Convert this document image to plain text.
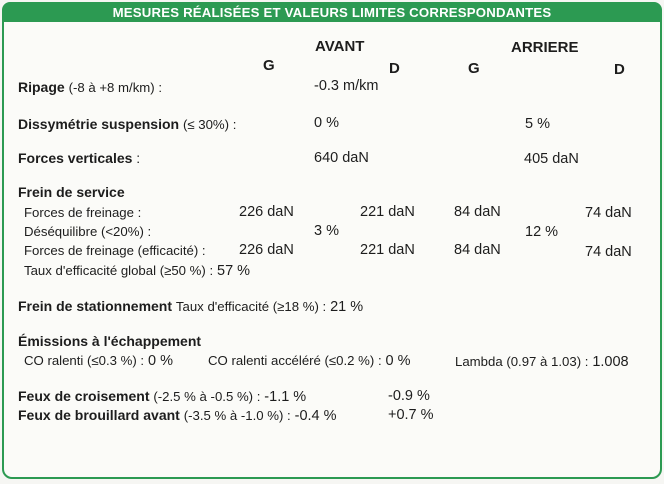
MESURES RÉALISÉES ET VALEURS LIMITES CORRESPONDANTES
AVANT	ARRIERE
G	D	G	D
Ripage (-8 à +8 m/km) :	-0.3 m/km
Dissymétrie suspension (≤ 30%) :	0 %	5 %
Forces verticales :	640 daN	405 daN
Frein de service
Forces de freinage :	226 daN	221 daN	84 daN	74 daN
Déséquilibre (<20%) :	3 %	12 %
Forces de freinage (efficacité) : 226 daN	221 daN	84 daN	74 daN
Taux d'efficacité global (≥50 %) : 57 %
Frein de stationnement Taux d'efficacité (≥18 %) : 21 %
Émissions à l'échappement
CO ralenti (≤0.3 %) : 0 %	CO ralenti accéléré (≤0.2 %) : 0 %	Lambda (0.97 à 1.03) : 1.008
Feux de croisement (-2.5 % à -0.5 %) : -1.1 %	-0.9 %
Feux de brouillard avant (-3.5 % à -1.0 %) : -0.4 %	+0.7 %
